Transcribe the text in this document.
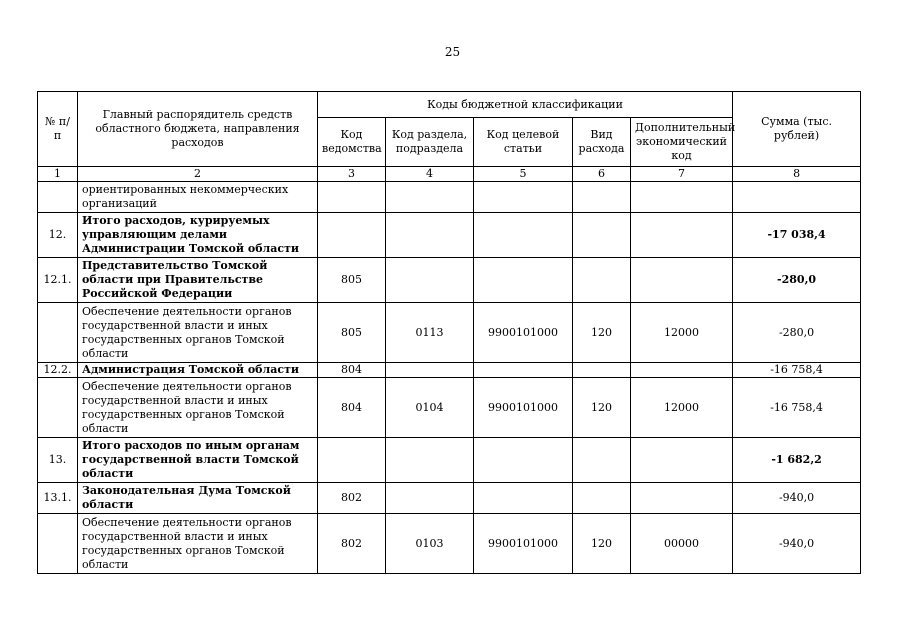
25
№ п/п	Главный распорядитель средств областного бюджета, направления расходов	Коды бюджетной классификации					Сумма (тыс. рублей)
		Код ведомства	Код раздела, подраздела	Код целевой статьи	Вид расхода	Дополнительный экономический код	
1	2	3	4	5	6	7	8
	ориентированных некоммерческих организаций						
12.	Итого расходов, курируемых управляющим делами Администрации Томской области						-17 038,4
12.1.	Представительство Томской области при Правительстве Российской Федерации	805					-280,0
	Обеспечение деятельности органов государственной власти и иных государственных органов Томской области	805	0113	9900101000	120	12000	-280,0
12.2.	Администрация Томской области	804					-16 758,4
	Обеспечение деятельности органов государственной власти и иных государственных органов Томской области	804	0104	9900101000	120	12000	-16 758,4
13.	Итого расходов по иным органам государственной власти Томской области						-1 682,2
13.1.	Законодательная Дума Томской области	802					-940,0
	Обеспечение деятельности органов государственной власти и иных государственных органов Томской области	802	0103	9900101000	120	00000	-940,0
